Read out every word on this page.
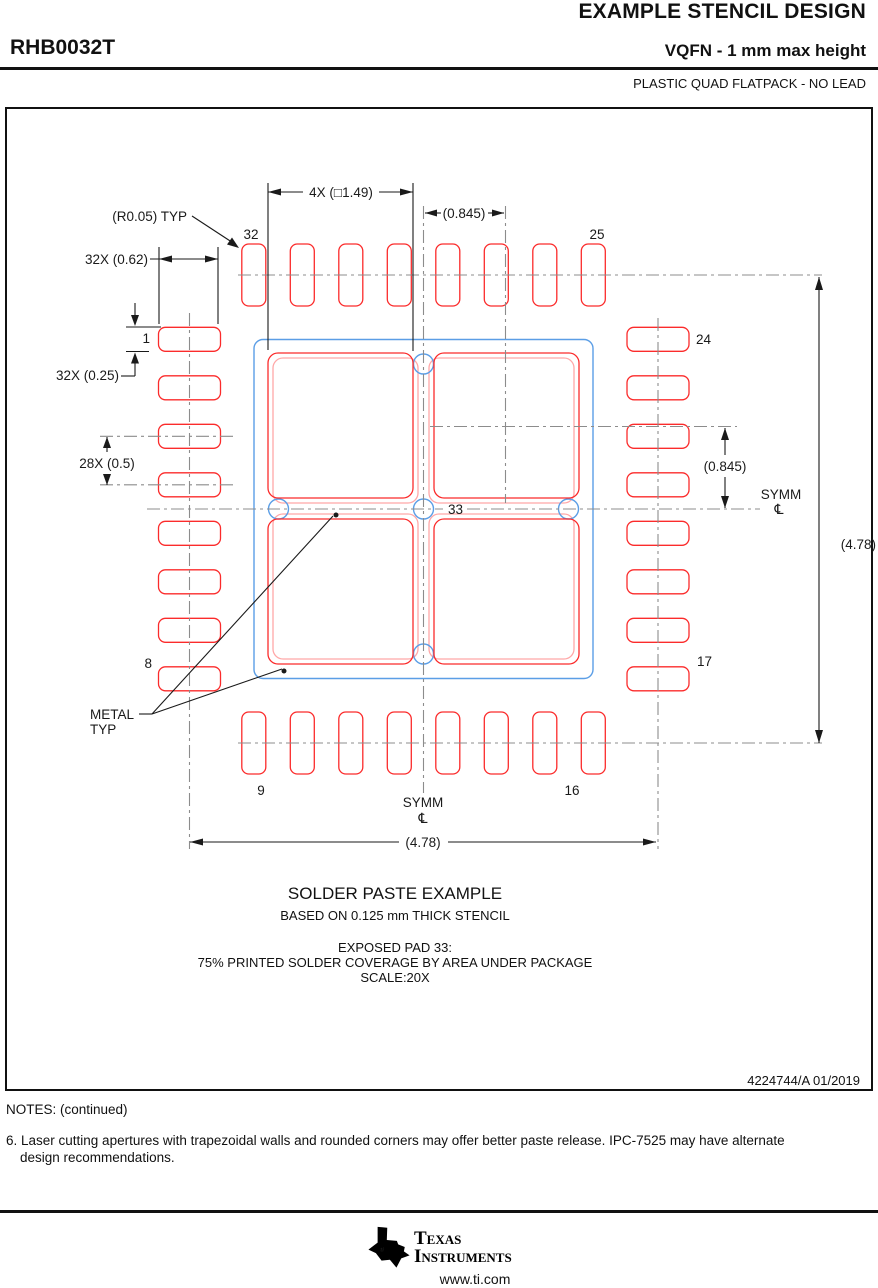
EXAMPLE STENCIL DESIGN
RHB0032T	VQFN - 1 mm max height
PLASTIC QUAD FLATPACK - NO LEAD
4X (□1.49)
(0.845)
(R0.05) TYP
32X (0.62)
32X (0.25)
28X (0.5)	(0.845)
(4.78)
(4.78)
32	25
1	24
8	17
9	16
33
METAL
TYP
SYMM
℄
SYMM
℄
SOLDER PASTE EXAMPLE
BASED ON 0.125 mm THICK STENCIL
EXPOSED PAD 33:
75% PRINTED SOLDER COVERAGE BY AREA UNDER PACKAGE
SCALE:20X
4224744/A 01/2019
NOTES: (continued)
6. Laser cutting apertures with trapezoidal walls and rounded corners may offer better paste release. IPC-7525 may have alternate
design recommendations.
ti
Texas
Instruments
www.ti.com
